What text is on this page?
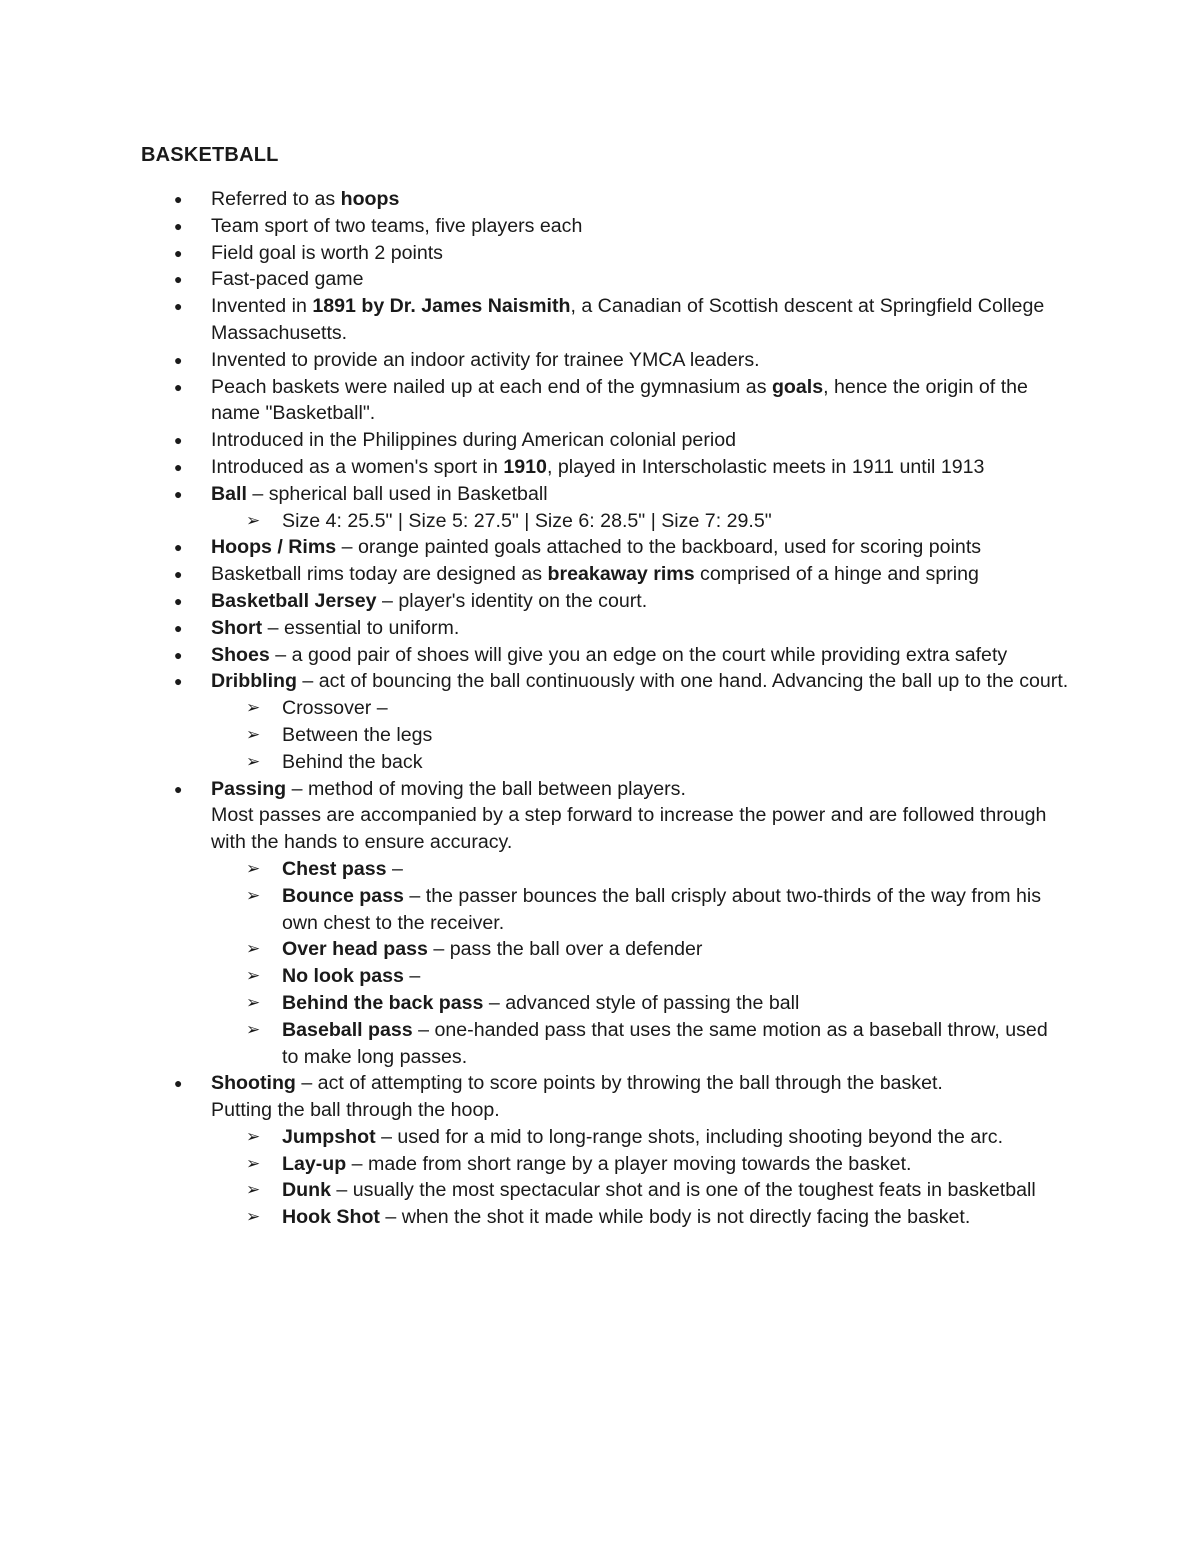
BASKETBALL
● Referred to as hoops
● Team sport of two teams, five players each
● Field goal is worth 2 points
● Fast-paced game
● Invented in 1891 by Dr. James Naismith, a Canadian of Scottish descent at Springfield College Massachusetts.
● Invented to provide an indoor activity for trainee YMCA leaders.
● Peach baskets were nailed up at each end of the gymnasium as goals, hence the origin of the name "Basketball".
● Introduced in the Philippines during American colonial period
● Introduced as a women's sport in 1910, played in Interscholastic meets in 1911 until 1913
● Ball – spherical ball used in Basketball
➢ Size 4: 25.5" | Size 5: 27.5" | Size 6: 28.5" | Size 7: 29.5"
● Hoops / Rims – orange painted goals attached to the backboard, used for scoring points
● Basketball rims today are designed as breakaway rims comprised of a hinge and spring
● Basketball Jersey – player's identity on the court.
● Short – essential to uniform.
● Shoes – a good pair of shoes will give you an edge on the court while providing extra safety
● Dribbling – act of bouncing the ball continuously with one hand. Advancing the ball up to the court.
➢ Crossover –
➢ Between the legs
➢ Behind the back
● Passing – method of moving the ball between players.
Most passes are accompanied by a step forward to increase the power and are followed through with the hands to ensure accuracy.
➢ Chest pass –
➢ Bounce pass – the passer bounces the ball crisply about two-thirds of the way from his own chest to the receiver.
➢ Over head pass – pass the ball over a defender
➢ No look pass –
➢ Behind the back pass – advanced style of passing the ball
➢ Baseball pass – one-handed pass that uses the same motion as a baseball throw, used to make long passes.
● Shooting – act of attempting to score points by throwing the ball through the basket.
Putting the ball through the hoop.
➢ Jumpshot – used for a mid to long-range shots, including shooting beyond the arc.
➢ Lay-up – made from short range by a player moving towards the basket.
➢ Dunk – usually the most spectacular shot and is one of the toughest feats in basketball
➢ Hook Shot – when the shot it made while body is not directly facing the basket.
